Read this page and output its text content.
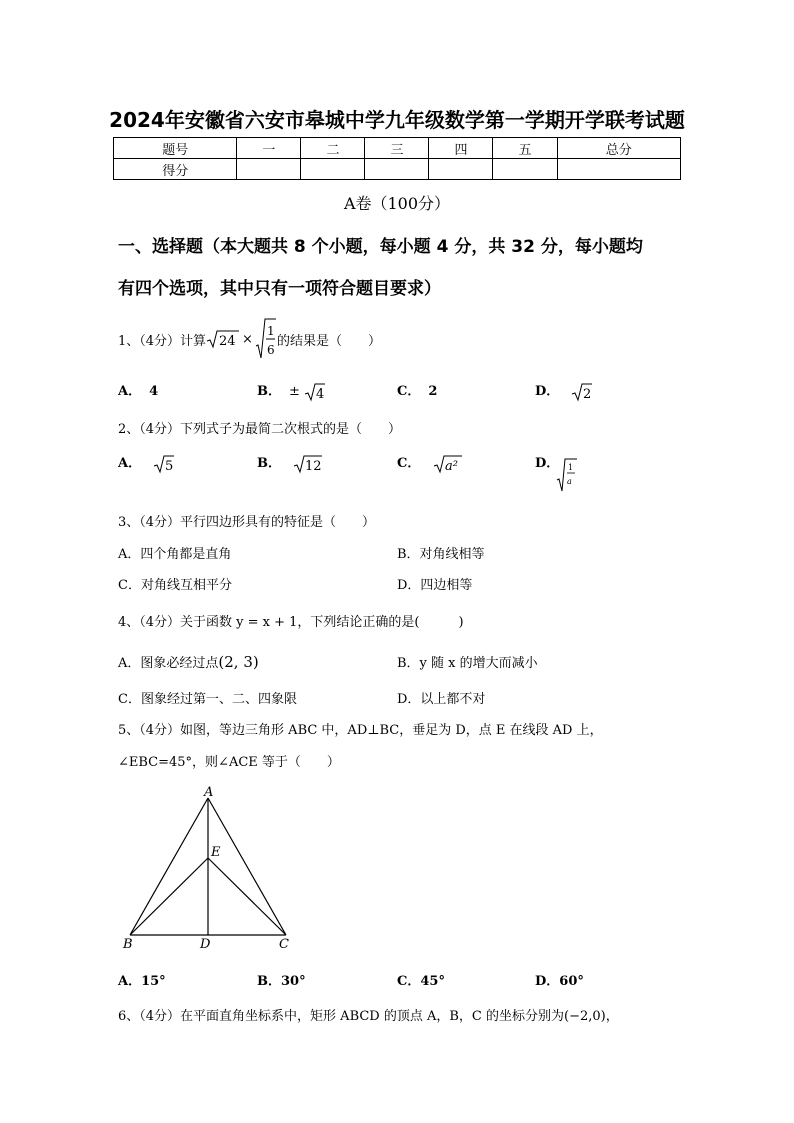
2024年安徽省六安市皋城中学九年级数学第一学期开学联考试题
题号	一	二	三	四	五	总分
得分						
A卷（100分）
一、选择题（本大题共 8 个小题，每小题 4 分，共 32 分，每小题均
有四个选项，其中只有一项符合题目要求）
1、（4分）计算 24 ×
1
6
的结果是（　　）
A． 4	B． ± 4	C． 2	D． 2
2、（4分）下列式子为最简二次根式的是（　　）
A． 5	B． 12	C． a²	D．	1
a
3、（4分）平行四边形具有的特征是（　　）
A．四个角都是直角	B．对角线相等
C．对角线互相平分	D．四边相等
4、（4分）关于函数 y = x + 1，下列结论正确的是(　　　)
A．图象必经过点(2, 3)	B．y 随 x 的增大而减小
C．图象经过第一、二、四象限	D．以上都不对
5、（4分）如图，等边三角形 ABC 中，AD⊥BC，垂足为 D，点 E 在线段 AD 上，
∠EBC=45°，则∠ACE 等于（　　）
A
E
B	D	C
A．15°	B．30°	C．45°	D．60°
6、（4分）在平面直角坐标系中，矩形 ABCD 的顶点 A，B，C 的坐标分别为(−2,0)，
